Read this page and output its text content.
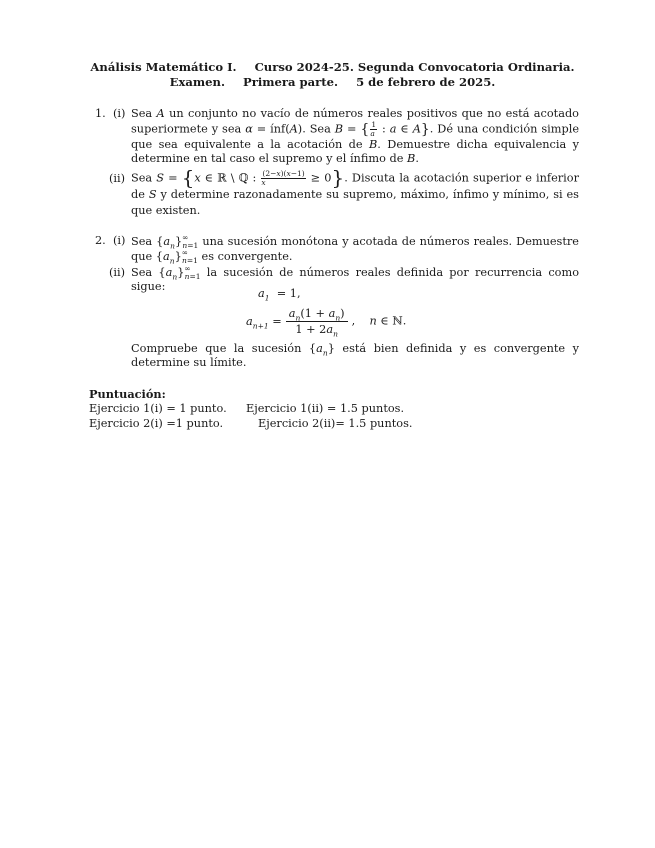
Análisis Matemático I. Curso 2024-25. Segunda Convocatoria Ordinaria.
Examen. Primera parte. 5 de febrero de 2025.
1. (i) Sea A un conjunto no vacío de números reales positivos que no está acotado superiormete y sea α = ínf(A). Sea B = { $\frac{1}{a}$ : a ∈ A}. Dé una condición simple que sea equivalente a la acotación de B. Demuestre dicha equivalencia y determine en tal caso el supremo y el ínfimo de B.
(ii) Sea S = {x ∈ ℝ \ ℚ : $\frac{(2-x)(x-1)}{x} \ge 0$}. Discuta la acotación superior e inferior de S y determine razonadamente su supremo, máximo, ínfimo y mínimo, si es que existen.
2. (i) Sea $\{a_n\}^\infty_{n=1}$ una sucesión monótona y acotada de números reales. Demuestre que $\{a_n\}^\infty_{n=1}$ es convergente.
(ii) Sea $\{a_n\}^\infty_{n=1}$ la sucesión de números reales definida por recurrencia como sigue:
$a_1 = 1$,
$a_{n+1} = \frac{a_n(1 + a_n)}{1 + 2a_n}$ , n ∈ ℕ.
Compruebe que la sucesión $\{a_n\}$ está bien definida y es convergente y determine su límite.
Puntuación:
Ejercicio 1(i) = 1 punto. Ejercicio 1(ii) = 1.5 puntos.
Ejercicio 2(i) =1 punto.	Ejercicio 2(ii)= 1.5 puntos.
